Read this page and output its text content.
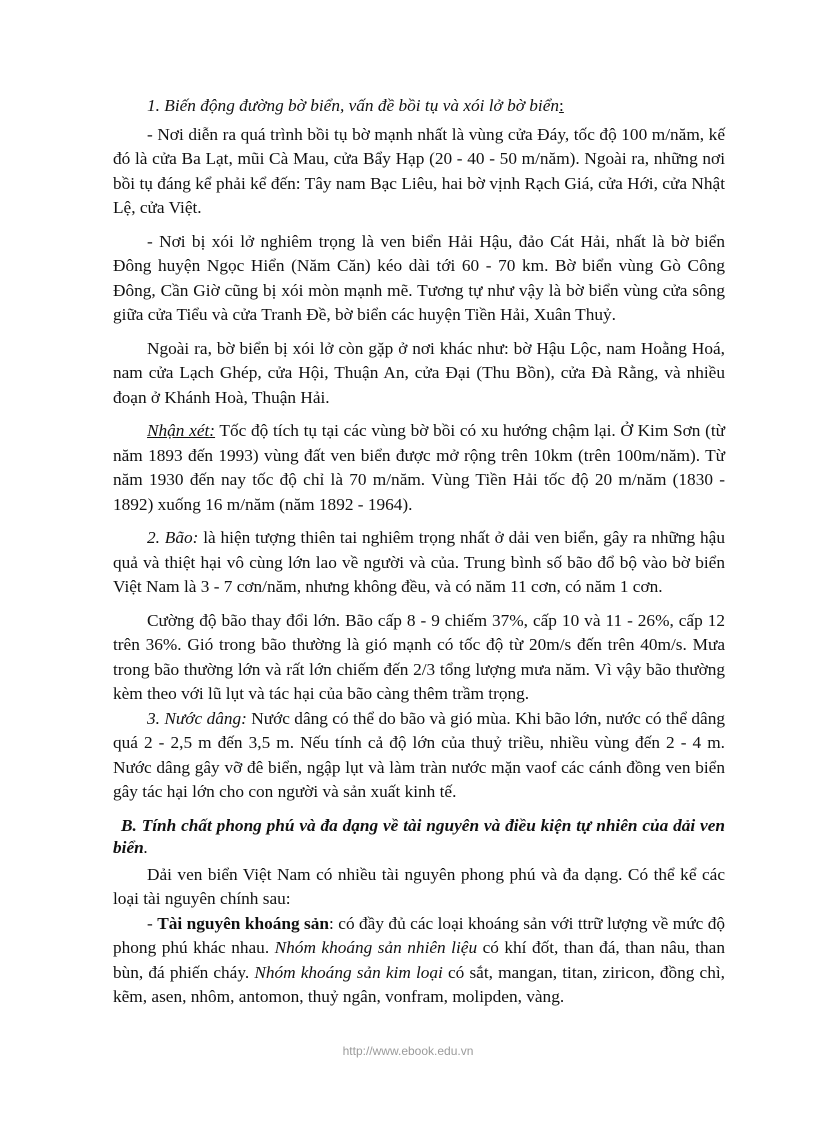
1. Biến động đường bờ biển, vấn đề bồi tụ và xói lở bờ biển:

- Nơi diễn ra quá trình bồi tụ bờ mạnh nhất là vùng cửa Đáy, tốc độ 100 m/năm, kế đó là cửa Ba Lạt, mũi Cà Mau, cửa Bẩy Hạp (20 - 40 - 50 m/năm). Ngoài ra, những nơi bồi tụ đáng kể phải kể đến: Tây nam Bạc Liêu, hai bờ vịnh Rạch Giá, cửa Hới, cửa Nhật Lệ, cửa Việt.

- Nơi bị xói lở nghiêm trọng là ven biển Hải Hậu, đảo Cát Hải, nhất là bờ biển Đông huyện Ngọc Hiển (Năm Căn) kéo dài tới 60 - 70 km. Bờ biển vùng Gò Công Đông, Cần Giờ cũng bị xói mòn mạnh mẽ. Tương tự như vậy là bờ biển vùng cửa sông giữa cửa Tiểu và cửa Tranh Đề, bờ biển các huyện Tiền Hải, Xuân Thuỷ.

Ngoài ra, bờ biển bị xói lở còn gặp ở nơi khác như: bờ Hậu Lộc, nam Hoằng Hoá, nam cửa Lạch Ghép, cửa Hội, Thuận An, cửa Đại (Thu Bồn), cửa Đà Rằng, và nhiều đoạn ở Khánh Hoà, Thuận Hải.

Nhận xét: Tốc độ tích tụ tại các vùng bờ bồi có xu hướng chậm lại. Ở Kim Sơn (từ năm 1893 đến 1993) vùng đất ven biển được mở rộng trên 10km (trên 100m/năm). Từ năm 1930 đến nay tốc độ chỉ là 70 m/năm. Vùng Tiền Hải tốc độ 20 m/năm (1830 - 1892) xuống 16 m/năm (năm 1892 - 1964).

2. Bão: là hiện tượng thiên tai nghiêm trọng nhất ở dải ven biển, gây ra những hậu quả và thiệt hại vô cùng lớn lao về người và của. Trung bình số bão đổ bộ vào bờ biển Việt Nam là 3 - 7 cơn/năm, nhưng không đều, và có năm 11 cơn, có năm 1 cơn.

Cường độ bão thay đổi lớn. Bão cấp 8 - 9 chiếm 37%, cấp 10 và 11 - 26%, cấp 12 trên 36%. Gió trong bão thường là gió mạnh có tốc độ từ 20m/s đến trên 40m/s. Mưa trong bão thường lớn và rất lớn chiếm đến 2/3 tổng lượng mưa năm. Vì vậy bão thường kèm theo với lũ lụt và tác hại của bão càng thêm trầm trọng.

3. Nước dâng: Nước dâng có thể do bão và gió mùa. Khi bão lớn, nước có thể dâng quá 2 - 2,5 m đến 3,5 m. Nếu tính cả độ lớn của thuỷ triều, nhiều vùng đến 2 - 4 m. Nước dâng gây vỡ đê biển, ngập lụt và làm tràn nước mặn vaof các cánh đồng ven biển gây tác hại lớn cho con người và sản xuất kinh tế.

B. Tính chất phong phú và đa dạng về tài nguyên và điều kiện tự nhiên của dải ven biển.

Dải ven biển Việt Nam có nhiều tài nguyên phong phú và đa dạng. Có thể kể các loại tài nguyên chính sau:

- Tài nguyên khoáng sản: có đầy đủ các loại khoáng sản với ttrữ lượng về mức độ phong phú khác nhau. Nhóm khoáng sản nhiên liệu có khí đốt, than đá, than nâu, than bùn, đá phiến cháy. Nhóm khoáng sản kim loại có sắt, mangan, titan, ziricon, đồng chì, kẽm, asen, nhôm, antomon, thuỷ ngân, vonfram, molipden, vàng.

http://www.ebook.edu.vn
